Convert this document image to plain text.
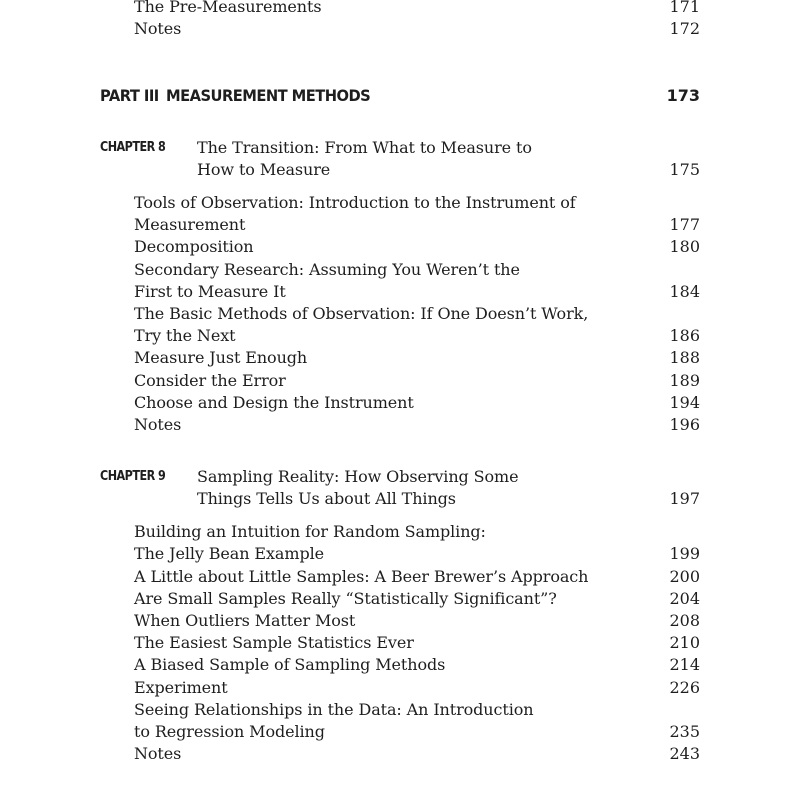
The Pre-Measurements	171
Notes	172
PART III MEASUREMENT METHODS	173
CHAPTER 8 The Transition: From What to Measure to
How to Measure	175
Tools of Observation: Introduction to the Instrument of
Measurement	177
Decomposition	180
Secondary Research: Assuming You Weren’t the
First to Measure It	184
The Basic Methods of Observation: If One Doesn’t Work,
Try the Next	186
Measure Just Enough	188
Consider the Error	189
Choose and Design the Instrument	194
Notes	196
CHAPTER 9 Sampling Reality: How Observing Some
Things Tells Us about All Things	197
Building an Intuition for Random Sampling:
The Jelly Bean Example	199
A Little about Little Samples: A Beer Brewer’s Approach	200
Are Small Samples Really “Statistically Significant”?	204
When Outliers Matter Most	208
The Easiest Sample Statistics Ever	210
A Biased Sample of Sampling Methods	214
Experiment	226
Seeing Relationships in the Data: An Introduction
to Regression Modeling	235
Notes	243
